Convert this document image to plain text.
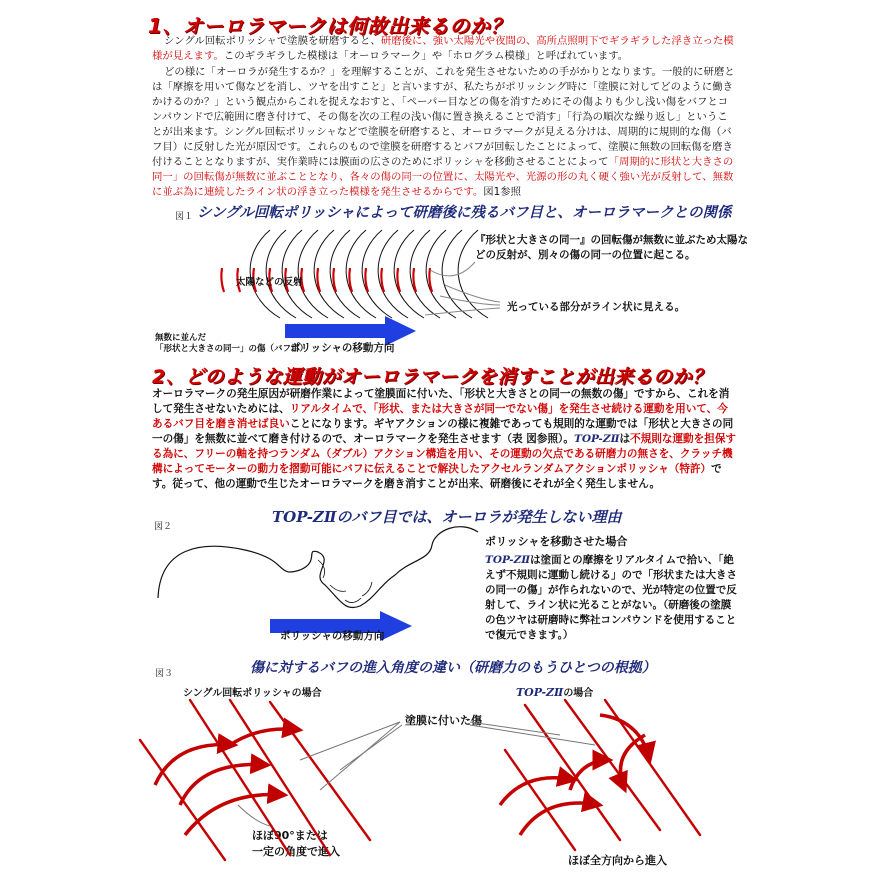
1、オーロラマークは何故出来るのか？

シングル回転ポリッシャで塗膜を研磨すると、研磨後に、強い太陽光や夜間の、高所点照明下でギラギラした浮き立った模様が見えます。このギラギラした模様は「オーロラマーク」や「ホログラム模様」と呼ばれています。

どの様に「オーロラが発生するか？」を理解することが、これを発生させないための手がかりとなります。一般的に研磨とは「摩擦を用いて傷などを消し、ツヤを出すこと」と言いますが、私たちがポリッシング時に「塗膜に対してどのように働きかけるのか？」という観点からこれを捉えなおすと、「ペーパー目などの傷を消すためにその傷よりも少し浅い傷をバフとコンパウンドで広範囲に磨き付けて、その傷を次の工程の浅い傷に置き換えることで消す」「行為の順次な繰り返し」ということが出来ます。シングル回転ポリッシャなどで塗膜を研磨すると、オーロラマークが見える分けは、周期的に規則的な傷（バフ目）に反射した光が原因です。これらのもので塗膜を研磨するとバフが回転したことによって、塗膜に無数の回転傷を磨き付けることとなりますが、実作業時には膜面の広さのためにポリッシャを移動させることによって「周期的に形状と大きさの同一」の回転傷が無数に並ぶこととなり、各々の傷の同一の位置に、太陽光や、光源の形の丸く硬く強い光が反射して、無数に並ぶ為に連続したライン状の浮き立った模様を発生させるからです。図1参照

図１ シングル回転ポリッシャによって研磨後に残るバフ目と、オーロラマークとの関係
太陽などの反射
『形状と大きさの同一』の回転傷が無数に並ぶため太陽などの反射が、別々の傷の同一の位置に起こる。
光っている部分がライン状に見える。
無数に並んだ
「形状と大きさの同一」の傷（バフ目）
ポリッシャの移動方向
2、どのような運動がオーロラマークを消すことが出来るのか？

オーロラマークの発生原因が研磨作業によって塗膜面に付いた、「形状と大きさとの同一の無数の傷」ですから、これを消して発生させないためには、リアルタイムで、「形状、または大きさが同一でない傷」を発生させ続ける運動を用いて、今あるバフ目を磨き消せば良いことになります。ギヤアクションの様に複雑であっても規則的な運動では「形状と大きさの同一の傷」を無数に並べて磨き付けるので、オーロラマークを発生させます（表 図参照）。TOP-ZⅡは不規則な運動を担保する為に、フリーの軸を持つランダム（ダブル）アクション構造を用い、その運動の欠点である研磨力の無さを、クラッチ機構によってモーターの動力を摺動可能にバフに伝えることで解決したアクセルランダムアクションポリッシャ（特許）です。従って、他の運動で生じたオーロラマークを磨き消すことが出来、研磨後にそれが全く発生しません。

図２
TOP-ZⅡのバフ目では、オーロラが発生しない理由
ポリッシャを移動させた場合
ポリッシャの移動方向
TOP-ZⅡは塗面との摩擦をリアルタイムで拾い、「絶えず不規則に運動し続ける」ので「形状または大きさの同一の傷」が作られないので、光が特定の位置で反射して、ライン状に光ることがない。（研磨後の塗膜の色ツヤは研磨時に弊社コンパウンドを使用することで復元できます。）
図３	傷に対するバフの進入角度の違い（研磨力のもうひとつの根拠）
シングル回転ポリッシャの場合	TOP-ZⅡの場合
塗膜に付いた傷
ほぼ90°または
一定の角度で進入
ほぼ全方向から進入
